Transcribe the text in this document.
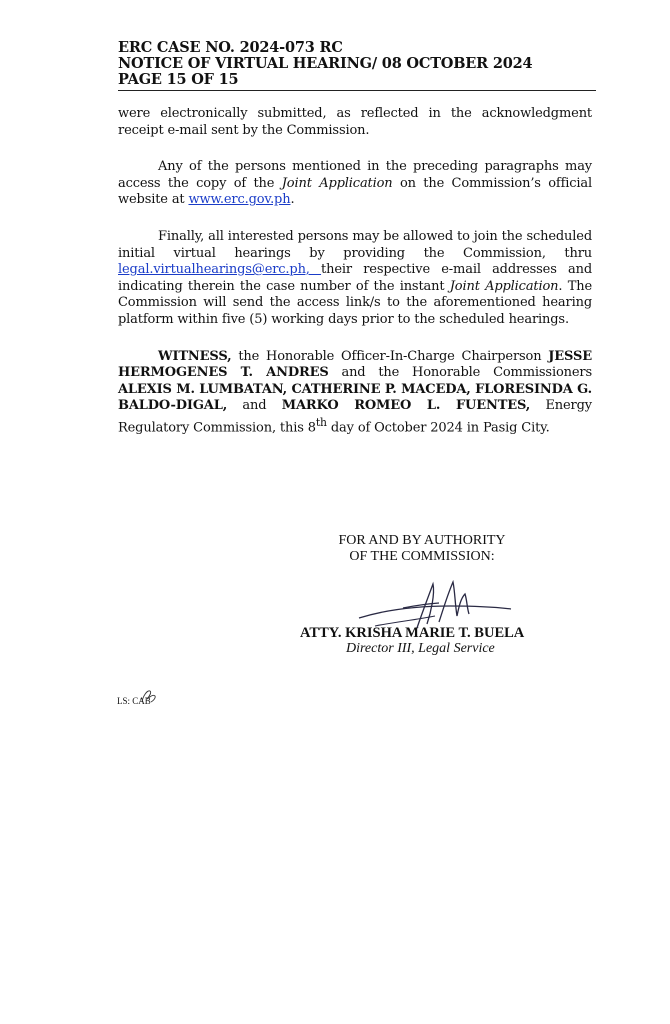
ERC CASE NO. 2024-073 RC
NOTICE OF VIRTUAL HEARING/ 08 OCTOBER 2024
PAGE 15 OF 15

were electronically submitted, as reflected in the acknowledgment receipt e-mail sent by the Commission.

Any of the persons mentioned in the preceding paragraphs may access the copy of the Joint Application on the Commission’s official website at www.erc.gov.ph.

Finally, all interested persons may be allowed to join the scheduled initial virtual hearings by providing the Commission, thru legal.virtualhearings@erc.ph, their respective e-mail addresses and indicating therein the case number of the instant Joint Application. The Commission will send the access link/s to the aforementioned hearing platform within five (5) working days prior to the scheduled hearings.

WITNESS, the Honorable Officer-In-Charge Chairperson JESSE HERMOGENES T. ANDRES and the Honorable Commissioners ALEXIS M. LUMBATAN, CATHERINE P. MACEDA, FLORESINDA G. BALDO-DIGAL, and MARKO ROMEO L. FUENTES, Energy Regulatory Commission, this 8th day of October 2024 in Pasig City.

FOR AND BY AUTHORITY
OF THE COMMISSION:
ATTY. KRISHA MARIE T. BUELA
Director III, Legal Service
LS: CAB
